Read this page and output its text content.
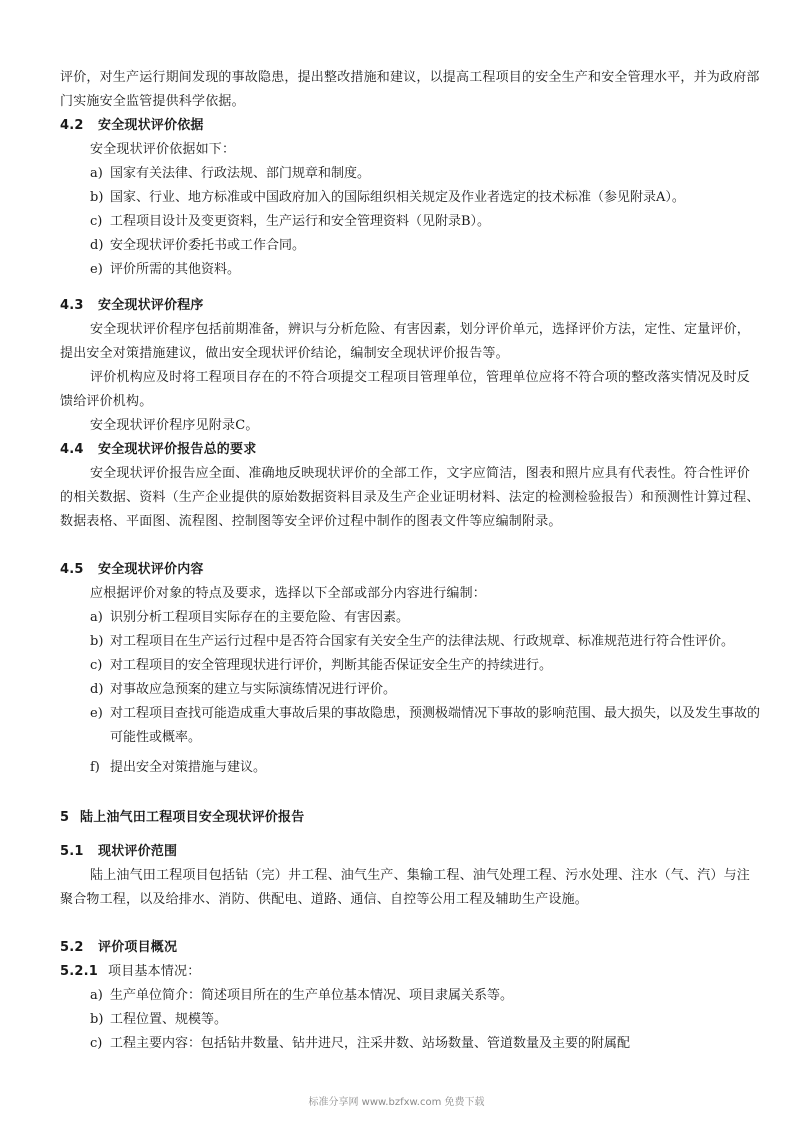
评价，对生产运行期间发现的事故隐患，提出整改措施和建议，以提高工程项目的安全生产和安全管理水平，并为政府部门实施安全监管提供科学依据。
4.2 安全现状评价依据
安全现状评价依据如下：
a) 国家有关法律、行政法规、部门规章和制度。
b) 国家、行业、地方标准或中国政府加入的国际组织相关规定及作业者选定的技术标准（参见附录A）。
c) 工程项目设计及变更资料，生产运行和安全管理资料（见附录B）。
d) 安全现状评价委托书或工作合同。
e) 评价所需的其他资料。
4.3 安全现状评价程序
安全现状评价程序包括前期准备，辨识与分析危险、有害因素，划分评价单元，选择评价方法，定性、定量评价，提出安全对策措施建议，做出安全现状评价结论，编制安全现状评价报告等。
评价机构应及时将工程项目存在的不符合项提交工程项目管理单位，管理单位应将不符合项的整改落实情况及时反馈给评价机构。
安全现状评价程序见附录C。
4.4 安全现状评价报告总的要求
安全现状评价报告应全面、准确地反映现状评价的全部工作，文字应简洁，图表和照片应具有代表性。符合性评价的相关数据、资料（生产企业提供的原始数据资料目录及生产企业证明材料、法定的检测检验报告）和预测性计算过程、数据表格、平面图、流程图、控制图等安全评价过程中制作的图表文件等应编制附录。
4.5 安全现状评价内容
应根据评价对象的特点及要求，选择以下全部或部分内容进行编制：
a) 识别分析工程项目实际存在的主要危险、有害因素。
b) 对工程项目在生产运行过程中是否符合国家有关安全生产的法律法规、行政规章、标准规范进行符合性评价。
c) 对工程项目的安全管理现状进行评价，判断其能否保证安全生产的持续进行。
d) 对事故应急预案的建立与实际演练情况进行评价。
e) 对工程项目查找可能造成重大事故后果的事故隐患，预测极端情况下事故的影响范围、最大损失，以及发生事故的可能性或概率。
f) 提出安全对策措施与建议。
5 陆上油气田工程项目安全现状评价报告
5.1 现状评价范围
陆上油气田工程项目包括钻（完）井工程、油气生产、集输工程、油气处理工程、污水处理、注水（气、汽）与注聚合物工程，以及给排水、消防、供配电、道路、通信、自控等公用工程及辅助生产设施。
5.2 评价项目概况
5.2.1 项目基本情况：
a) 生产单位简介：简述项目所在的生产单位基本情况、项目隶属关系等。
b) 工程位置、规模等。
c) 工程主要内容：包括钻井数量、钻井进尺，注采井数、站场数量、管道数量及主要的附属配
标准分享网 www.bzfxw.com 免费下载
